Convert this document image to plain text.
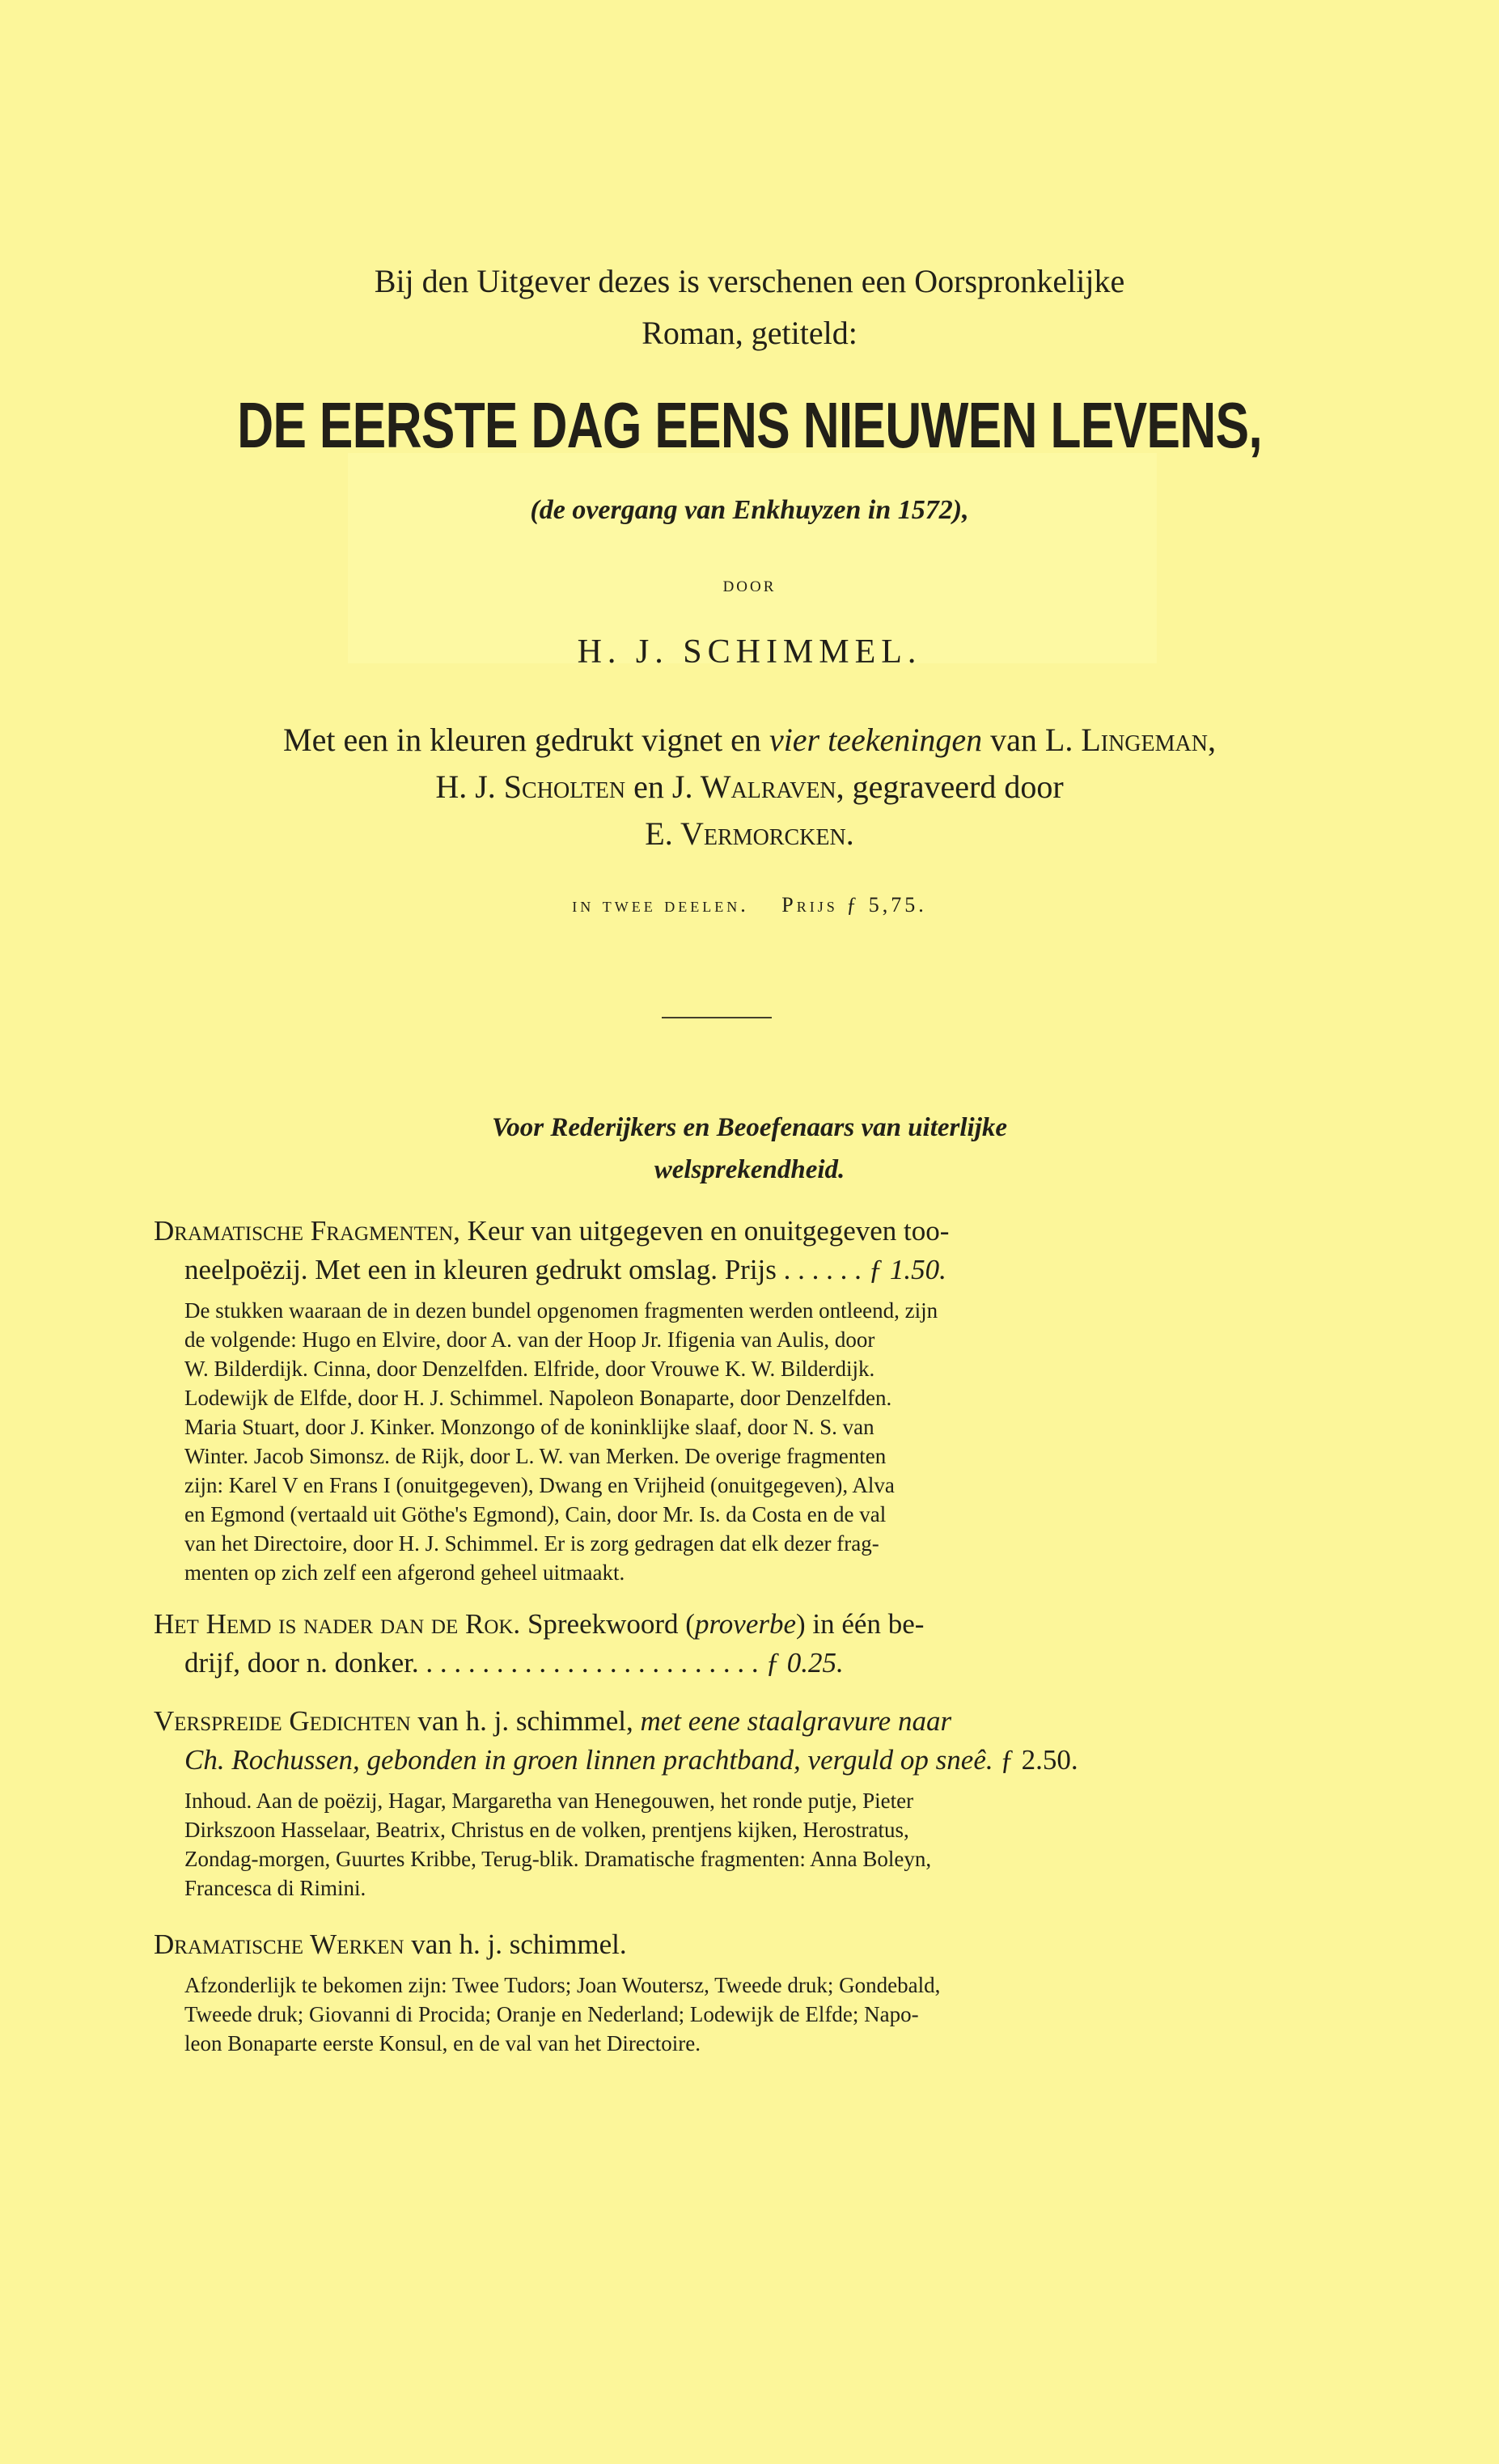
Bij den Uitgever dezes is verschenen een Oorspronkelijke
Roman, getiteld:
DE EERSTE DAG EENS NIEUWEN LEVENS,
(de overgang van Enkhuyzen in 1572),
DOOR
H. J. SCHIMMEL.
Met een in kleuren gedrukt vignet en vier teekeningen van L. Lingeman,
H. J. Scholten en J. Walraven, gegraveerd door
E. Vermorcken.
in twee deelen. Prijs ƒ 5,75.
Voor Rederijkers en Beoefenaars van uiterlijke
welsprekendheid.
Dramatische Fragmenten, Keur van uitgegeven en onuitgegeven too-
neelpoëzij. Met een in kleuren gedrukt omslag. Prijs . . . . . . ƒ 1.50.
De stukken waaraan de in dezen bundel opgenomen fragmenten werden ontleend, zijn
de volgende: Hugo en Elvire, door A. van der Hoop Jr. Ifigenia van Aulis, door
W. Bilderdijk. Cinna, door Denzelfden. Elfride, door Vrouwe K. W. Bilderdijk.
Lodewijk de Elfde, door H. J. Schimmel. Napoleon Bonaparte, door Denzelfden.
Maria Stuart, door J. Kinker. Monzongo of de koninklijke slaaf, door N. S. van
Winter. Jacob Simonsz. de Rijk, door L. W. van Merken. De overige fragmenten
zijn: Karel V en Frans I (onuitgegeven), Dwang en Vrijheid (onuitgegeven), Alva
en Egmond (vertaald uit Göthe's Egmond), Cain, door Mr. Is. da Costa en de val
van het Directoire, door H. J. Schimmel. Er is zorg gedragen dat elk dezer frag-
menten op zich zelf een afgerond geheel uitmaakt.
Het Hemd is nader dan de Rok. Spreekwoord (proverbe) in één be-
drijf, door n. donker. . . . . . . . . . . . . . . . . . . . . . . . . ƒ 0.25.
Verspreide Gedichten van h. j. schimmel, met eene staalgravure naar
Ch. Rochussen, gebonden in groen linnen prachtband, verguld op sneê. ƒ 2.50.
Inhoud. Aan de poëzij, Hagar, Margaretha van Henegouwen, het ronde putje, Pieter
Dirkszoon Hasselaar, Beatrix, Christus en de volken, prentjens kijken, Herostratus,
Zondag-morgen, Guurtes Kribbe, Terug-blik. Dramatische fragmenten: Anna Boleyn,
Francesca di Rimini.
Dramatische Werken van h. j. schimmel.
Afzonderlijk te bekomen zijn: Twee Tudors; Joan Woutersz, Tweede druk; Gondebald,
Tweede druk; Giovanni di Procida; Oranje en Nederland; Lodewijk de Elfde; Napo-
leon Bonaparte eerste Konsul, en de val van het Directoire.
